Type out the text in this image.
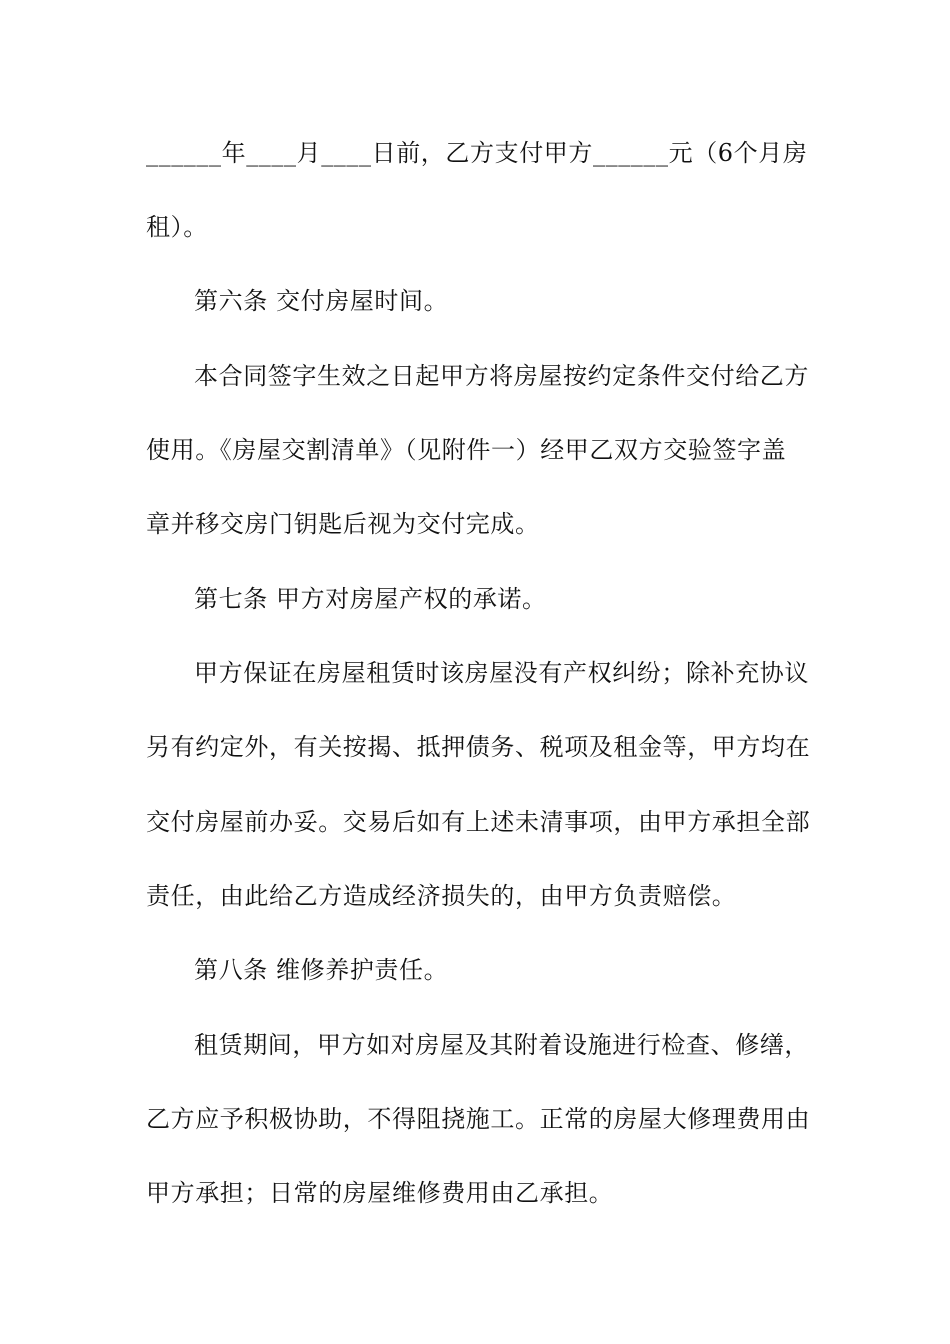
______年____月____日前，乙方支付甲方______元（6个月房
租）。
第六条 交付房屋时间。
本合同签字生效之日起甲方将房屋按约定条件交付给乙方
使用。《房屋交割清单》（见附件一）经甲乙双方交验签字盖
章并移交房门钥匙后视为交付完成。
第七条 甲方对房屋产权的承诺。
甲方保证在房屋租赁时该房屋没有产权纠纷；除补充协议
另有约定外，有关按揭、抵押债务、税项及租金等，甲方均在
交付房屋前办妥。交易后如有上述未清事项，由甲方承担全部
责任，由此给乙方造成经济损失的，由甲方负责赔偿。
第八条 维修养护责任。
租赁期间，甲方如对房屋及其附着设施进行检查、修缮，
乙方应予积极协助，不得阻挠施工。正常的房屋大修理费用由
甲方承担；日常的房屋维修费用由乙承担。
